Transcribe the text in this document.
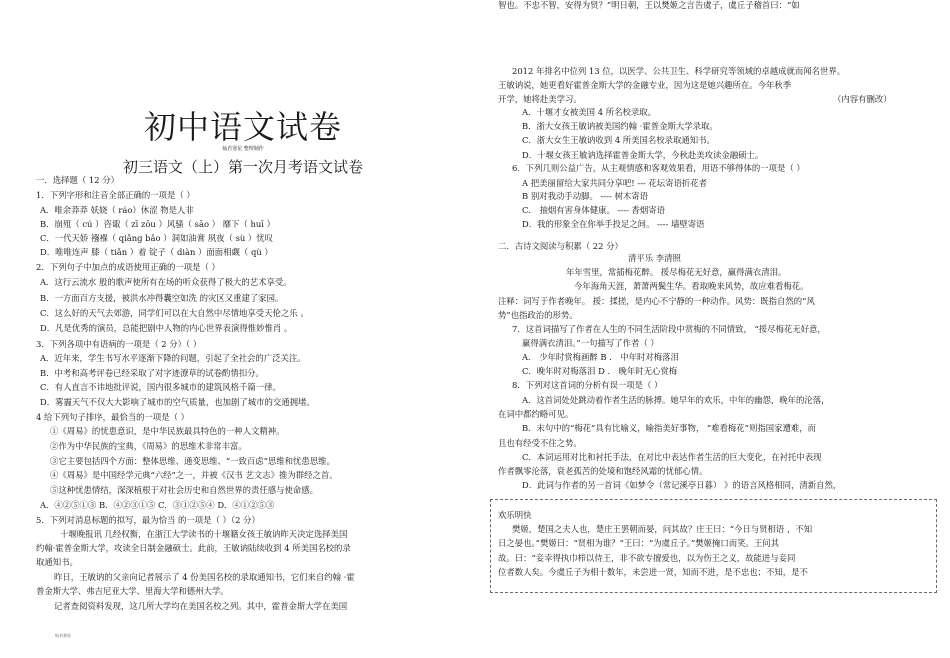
初中语文试卷
灿若寒星 整理制作
初三语文（上）第一次月考语文试卷
一．选择题（ 12 分）
1．下列字形和注音全部正确的一项是（ ）
A．唯余莽莽 妖娆（ ráo）休涩 物是人非
B．崩殂（ cú ）咨诹（ zī zōu ）风骚（ sāo ） 靡下（ huī ）
C．一代天娇 襁褓（ qiǎng bǎo ）洞如油膏 夙夜（ sù ）忧叹
D．唯唯连声 膝（ tiǎn ）着 锭子（ diàn ）面面相觑（ qù ）
2．下列句子中加点的成语使用正确的一项是（ ）
A．这行云流水 般的歌声使所有在场的听众获得了极大的艺术享受。
B．一方面百方支援，被洪水冲得囊空如洗 的灾区又重建了家园。
C．这么好的天气去郊游，同学们可以在大自然中尽情地享受天伦之乐 。
D．凡是优秀的演员，总能把剧中人物的内心世界表演得惟妙惟肖 。
3．下列各项中有语病的一项是（ 2 分）（ ）
A．近年来，学生书写水平逐渐下降的问题，引起了全社会的广泛关注。
B．中考和高考评卷已经采取了对字迹潦草的试卷酌情扣分。
C．有人直言不讳地批评说，国内很多城市的建筑风格千篇一律。
D．雾霾天气不仅大大影响了城市的空气质量，也加剧了城市的交通拥堵。
4 给下列句子排序，最恰当的一项是（ ）
①《周易》的忧患意识，是中华民族最具特色的一种人文精神。
②作为中华民族的宝典，《周易》的思维术非常丰富。
③它主要包括四个方面：整体思维、通变思维、“一致百虑”思维和忧患思维。
④《周易》是中国经学元典“六经”之一，并被《汉书 艺文志》推为群经之首。
⑤这种忧患情结，深深植根于对社会历史和自然世界的责任感与使命感。
A．④②⑤①③ B．④②③①⑤ C．③①②⑤④ D．④①②⑤③
5．下列对消息标题的拟写，最为恰当 的一项是（ ）（2 分）
十堰晚报讯 几经权衡，在浙江大学读书的十堰籍女孩王敏讷昨天决定选择美国
约翰·霍普金斯大学，攻读全日制金融硕士。此前，王敏讷陆续收到 4 所美国名校的录
取通知书。
昨日，王敏讷的父亲向记者展示了 4 份美国名校的录取通知书，它们来自约翰 ·霍
普金斯大学、弗吉尼亚大学、里海大学和德州大学。
记者查阅资料发现，这几所大学均在美国名校之列。其中，霍普金斯大学在美国
灿若寒星
2012 年排名中位列 13 位，以医学、公共卫生、科学研究等领域的卓越成就而闻名世界。
王敏讷说，她更看好霍普金斯大学的金融专业，因为这是她兴趣所在。今年秋季
开学，她将赴美学习。	（内容有删改）
A．十堰才女被美国 4 所名校录取。
B．浙大女孩王敏讷被美国约翰 ·霍普金斯大学录取。
C．浙大女生王敏讷收到 4 所美国名校录取通知书。
D．十堰女孩王敏讷选择霍普金斯大学，今秋赴美攻读金融硕士。
6．下列几则公益广告，从主观情感和客观效果看，用语不够得体的一项是（ ）
A 把美丽留给大家共同分享吧! --- 花坛寄语折花者
B 别对我动手动脚。 ---- 树木寄语
C． 抽烟有害身体健康。 ---- 香烟寄语
D．我的形象全在你举手投足之间。 ---- 墙壁寄语
二．古诗文阅读与积累（ 22 分）
清平乐 李清照
年年雪里，常插梅花醉。 挼尽梅花无好意，赢得满衣清泪。
今年海角天涯，萧萧两鬓生华。看取晚来风势，故应难看梅花。
注释：词写于作者晚年。 挼：揉搓，是内心不宁静的一种动作。风势：既指自然的“风
势”也指政治的形势。
7．这首词描写了作者在人生的不同生活阶段中赏梅的不同情致， “挼尽梅花无好意，
赢得满衣清泪。”一句描写了作者（ ）
A． 少年时赏梅画醉 B ． 中年时对梅落泪
C．晚年时对梅落泪 D ． 晚年时无心赏梅
8．下列对这首词的分析有误一项是（ ）
A．这首词处处跳动着作者生活的脉搏。她早年的欢乐，中年的幽怨，晚年的沦落，
在词中都约略可见。
B．末句中的“梅花”具有比喻义，喻指美好事物， “难看梅花”则指国家遭难，而
且也有经受不住之势。
C．本词运用对比和衬托手法，在对比中表达作者生活的巨大变化，在衬托中表现
作者飘零沦落，衰老孤苦的处境和饱经风霜的忧郁心情。
D．此词与作者的另一首词《如梦令（常记溪亭日暮） 》的语言风格相同，清新自然，
欢乐明快
樊姬，楚国之夫人也，楚庄王罢朝而晏，问其故？庄王曰：“今日与贤相语 ，不知
日之晏也。”樊姬曰：“贤相为谁？”王曰：“为虞丘子。”樊姬掩口而笑。王问其
故。曰：“妾幸得执巾栉以侍王，非不欲专擅爱也，以为伤王之义，故能进与妾同
位者数人矣。今虞丘子为相十数年，未尝进一贤，知而不进，是不忠也；不知，是不
智也。不忠不智，安得为贤？”明日朝，王以樊姬之言告虞子，虞丘子稽首曰：“如
